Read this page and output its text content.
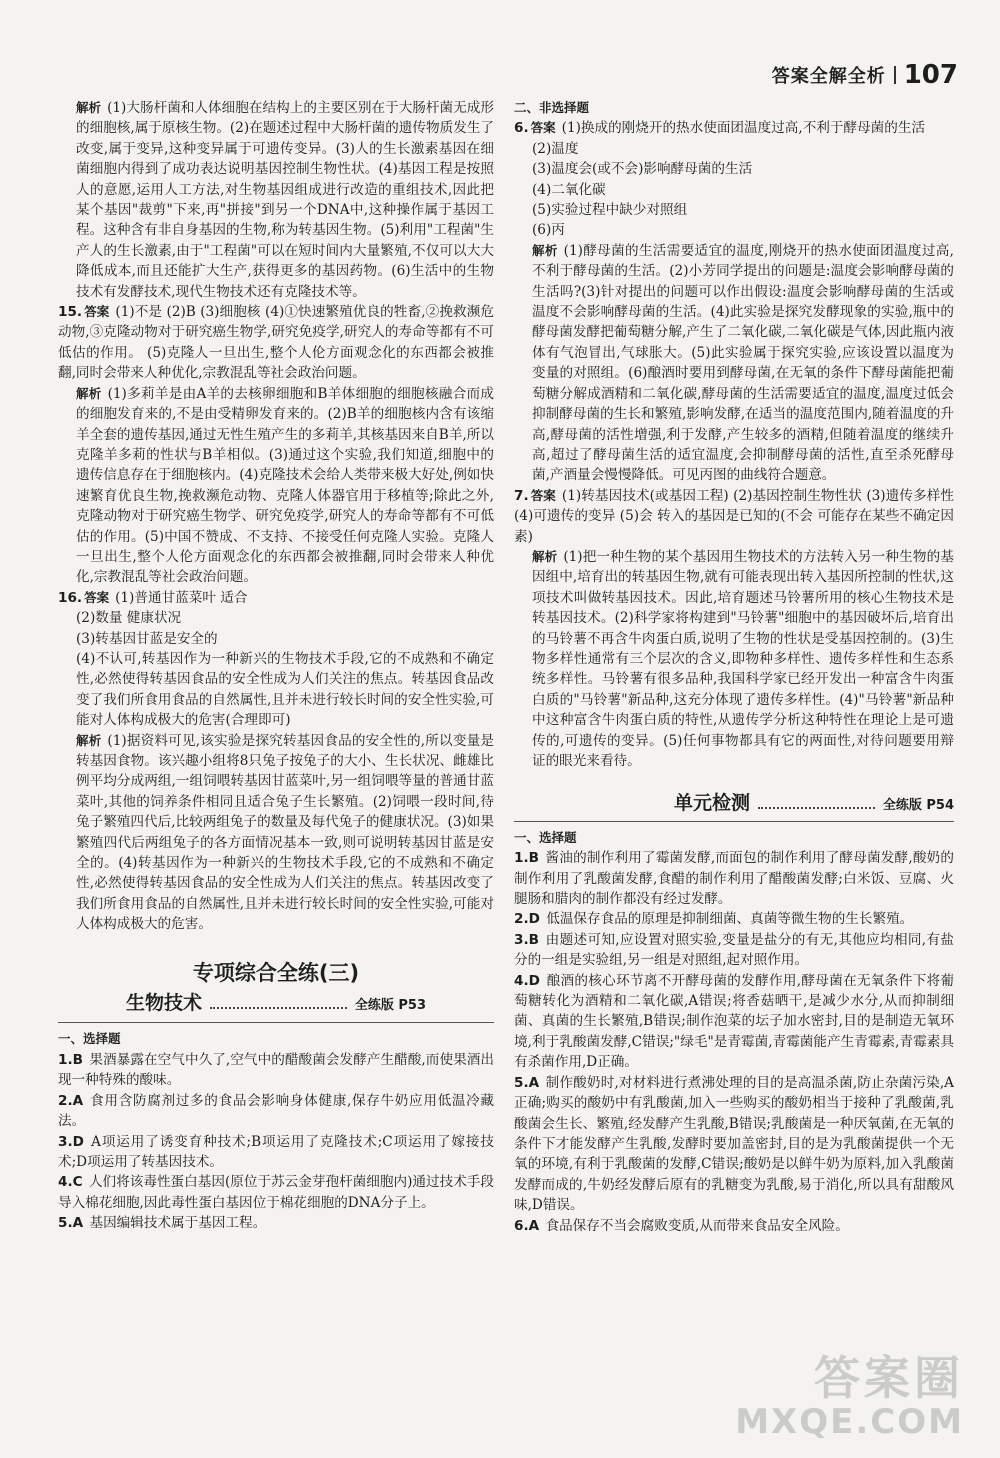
答案全解全析 107

解析 (1)大肠杆菌和人体细胞在结构上的主要区别在于大肠杆菌无成形的细胞核,属于原核生物。(2)在题述过程中大肠杆菌的遗传物质发生了改变,属于变异,这种变异属于可遗传变异。(3)人的生长激素基因在细菌细胞内得到了成功表达说明基因控制生物性状。(4)基因工程是按照人的意愿,运用人工方法,对生物基因组成进行改造的重组技术,因此把某个基因"裁剪"下来,再"拼接"到另一个DNA中,这种操作属于基因工程。这种含有非自身基因的生物,称为转基因生物。(5)利用"工程菌"生产人的生长激素,由于"工程菌"可以在短时间内大量繁殖,不仅可以大大降低成本,而且还能扩大生产,获得更多的基因药物。(6)生活中的生物技术有发酵技术,现代生物技术还有克隆技术等。

15. 答案 (1)不是 (2)B (3)细胞核 (4)①快速繁殖优良的牲畜,②挽救濒危动物,③克隆动物对于研究癌生物学,研究免疫学,研究人的寿命等都有不可低估的作用。 (5)克隆人一旦出生,整个人伦方面观念化的东西都会被推翻,同时会带来人种优化,宗教混乱等社会政治问题。

解析 (1)多莉羊是由A羊的去核卵细胞和B羊体细胞的细胞核融合而成的细胞发育来的,不是由受精卵发育来的。(2)B羊的细胞核内含有该缩羊全套的遗传基因,通过无性生殖产生的多莉羊,其核基因来自B羊,所以克隆羊多莉的性状与B羊相似。(3)通过这个实验,我们知道,细胞中的遗传信息存在于细胞核内。(4)克隆技术会给人类带来极大好处,例如快速繁育优良生物,挽救濒危动物、克隆人体器官用于移植等;除此之外,克隆动物对于研究癌生物学、研究免疫学,研究人的寿命等都有不可低估的作用。(5)中国不赞成、不支持、不接受任何克隆人实验。克隆人一旦出生,整个人伦方面观念化的东西都会被推翻,同时会带来人种优化,宗教混乱等社会政治问题。

16. 答案 (1)普通甘蓝菜叶 适合

(2)数量 健康状况

(3)转基因甘蓝是安全的

(4)不认可,转基因作为一种新兴的生物技术手段,它的不成熟和不确定性,必然使得转基因食品的安全性成为人们关注的焦点。转基因食品改变了我们所食用食品的自然属性,且并未进行较长时间的安全性实验,可能对人体构成极大的危害(合理即可)

解析 (1)据资料可见,该实验是探究转基因食品的安全性的,所以变量是转基因食物。该兴趣小组将8只兔子按兔子的大小、生长状况、雌雄比例平均分成两组,一组饲喂转基因甘蓝菜叶,另一组饲喂等量的普通甘蓝菜叶,其他的饲养条件相同且适合兔子生长繁殖。(2)饲喂一段时间,待兔子繁殖四代后,比较两组兔子的数量及每代兔子的健康状况。(3)如果繁殖四代后两组兔子的各方面情况基本一致,则可说明转基因甘蓝是安全的。(4)转基因作为一种新兴的生物技术手段,它的不成熟和不确定性,必然使得转基因食品的安全性成为人们关注的焦点。转基因改变了我们所食用食品的自然属性,且并未进行较长时间的安全性实验,可能对人体构成极大的危害。

专项综合全练(三)
生物技术	全练版 P53

一、选择题

1.B 果酒暴露在空气中久了,空气中的醋酸菌会发酵产生醋酸,而使果酒出现一种特殊的酸味。

2.A 食用含防腐剂过多的食品会影响身体健康,保存牛奶应用低温冷藏法。

3.D A项运用了诱变育种技术;B项运用了克隆技术;C项运用了嫁接技术;D项运用了转基因技术。

4.C 人们将该毒性蛋白基因(原位于苏云金芽孢杆菌细胞内)通过技术手段导入棉花细胞,因此毒性蛋白基因位于棉花细胞的DNA分子上。

5.A 基因编辑技术属于基因工程。

二、非选择题

6. 答案 (1)换成的刚烧开的热水使面团温度过高,不利于酵母菌的生活

(2)温度

(3)温度会(或不会)影响酵母菌的生活

(4)二氧化碳

(5)实验过程中缺少对照组

(6)丙

解析 (1)酵母菌的生活需要适宜的温度,刚烧开的热水使面团温度过高,不利于酵母菌的生活。(2)小芳同学提出的问题是:温度会影响酵母菌的生活吗?(3)针对提出的问题可以作出假设:温度会影响酵母菌的生活或温度不会影响酵母菌的生活。(4)此实验是探究发酵现象的实验,瓶中的酵母菌发酵把葡萄糖分解,产生了二氧化碳,二氧化碳是气体,因此瓶内液体有气泡冒出,气球胀大。(5)此实验属于探究实验,应该设置以温度为变量的对照组。(6)酿酒时要用到酵母菌,在无氧的条件下酵母菌能把葡萄糖分解成酒精和二氧化碳,酵母菌的生活需要适宜的温度,温度过低会抑制酵母菌的生长和繁殖,影响发酵,在适当的温度范围内,随着温度的升高,酵母菌的活性增强,利于发酵,产生较多的酒精,但随着温度的继续升高,超过了酵母菌生活的适宜温度,会抑制酵母菌的活性,直至杀死酵母菌,产酒量会慢慢降低。可见丙图的曲线符合题意。

7. 答案 (1)转基因技术(或基因工程) (2)基因控制生物性状 (3)遗传多样性 (4)可遗传的变异 (5)会 转入的基因是已知的(不会 可能存在某些不确定因素)

解析 (1)把一种生物的某个基因用生物技术的方法转入另一种生物的基因组中,培育出的转基因生物,就有可能表现出转入基因所控制的性状,这项技术叫做转基因技术。因此,培育题述马铃薯所用的核心生物技术是转基因技术。(2)科学家将构建到"马铃薯"细胞中的基因破坏后,培育出的马铃薯不再含牛肉蛋白质,说明了生物的性状是受基因控制的。(3)生物多样性通常有三个层次的含义,即物种多样性、遗传多样性和生态系统多样性。马铃薯有很多品种,我国科学家已经开发出一种富含牛肉蛋白质的"马铃薯"新品种,这充分体现了遗传多样性。(4)"马铃薯"新品种中这种富含牛肉蛋白质的特性,从遗传学分析这种特性在理论上是可遗传的,可遗传的变异。(5)任何事物都具有它的两面性,对待问题要用辩证的眼光来看待。

单元检测	全练版 P54

一、选择题

1.B 酱油的制作利用了霉菌发酵,而面包的制作利用了酵母菌发酵,酸奶的制作利用了乳酸菌发酵,食醋的制作利用了醋酸菌发酵;白米饭、豆腐、火腿肠和腊肉的制作都没有经过发酵。

2.D 低温保存食品的原理是抑制细菌、真菌等微生物的生长繁殖。

3.B 由题述可知,应设置对照实验,变量是盐分的有无,其他应均相同,有盐分的一组是实验组,另一组是对照组,起对照作用。

4.D 酿酒的核心环节离不开酵母菌的发酵作用,酵母菌在无氧条件下将葡萄糖转化为酒精和二氧化碳,A错误;将香菇晒干,是减少水分,从而抑制细菌、真菌的生长繁殖,B错误;制作泡菜的坛子加水密封,目的是制造无氧环境,利于乳酸菌发酵,C错误;"绿毛"是青霉菌,青霉菌能产生青霉素,青霉素具有杀菌作用,D正确。

5.A 制作酸奶时,对材料进行煮沸处理的目的是高温杀菌,防止杂菌污染,A正确;购买的酸奶中有乳酸菌,加入一些购买的酸奶相当于接种了乳酸菌,乳酸菌会生长、繁殖,经发酵产生乳酸,B错误;乳酸菌是一种厌氧菌,在无氧的条件下才能发酵产生乳酸,发酵时要加盖密封,目的是为乳酸菌提供一个无氧的环境,有利于乳酸菌的发酵,C错误;酸奶是以鲜牛奶为原料,加入乳酸菌发酵而成的,牛奶经发酵后原有的乳糖变为乳酸,易于消化,所以具有甜酸风味,D错误。

6.A 食品保存不当会腐败变质,从而带来食品安全风险。

答案圈
MXQE.COM
